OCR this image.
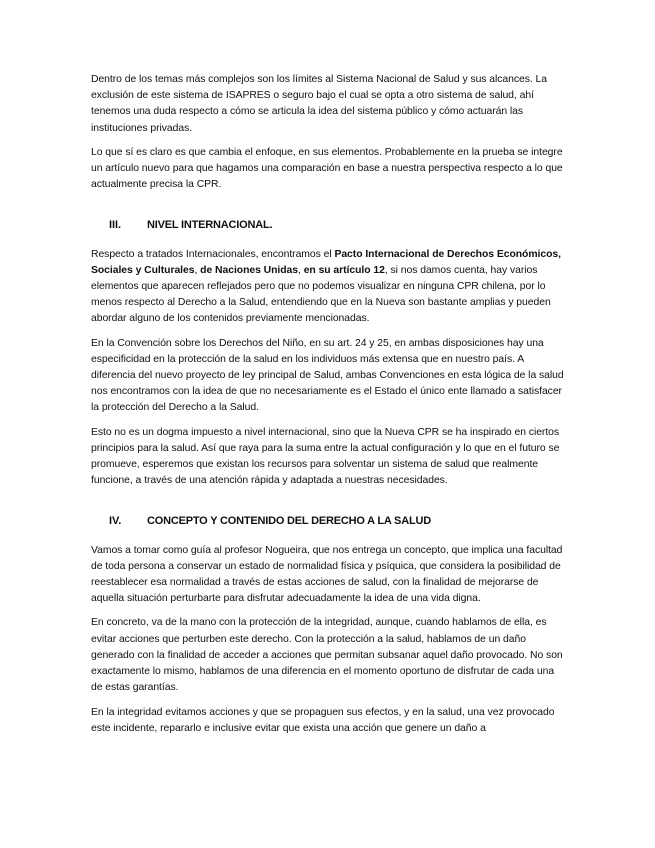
Dentro de los temas más complejos son los límites al Sistema Nacional de Salud y sus alcances. La exclusión de este sistema de ISAPRES o seguro bajo el cual se opta a otro sistema de salud, ahí tenemos una duda respecto a cómo se articula la idea del sistema público y cómo actuarán las instituciones privadas.

Lo que sí es claro es que cambia el enfoque, en sus elementos. Probablemente en la prueba se integre un artículo nuevo para que hagamos una comparación en base a nuestra perspectiva respecto a lo que actualmente precisa la CPR.

III.	NIVEL INTERNACIONAL.

Respecto a tratados Internacionales, encontramos el Pacto Internacional de Derechos Económicos, Sociales y Culturales, de Naciones Unidas, en su artículo 12, si nos damos cuenta, hay varios elementos que aparecen reflejados pero que no podemos visualizar en ninguna CPR chilena, por lo menos respecto al Derecho a la Salud, entendiendo que en la Nueva son bastante amplias y pueden abordar alguno de los contenidos previamente mencionadas.

En la Convención sobre los Derechos del Niño, en su art. 24 y 25, en ambas disposiciones hay una especificidad en la protección de la salud en los individuos más extensa que en nuestro país. A diferencia del nuevo proyecto de ley principal de Salud, ambas Convenciones en esta lógica de la salud nos encontramos con la idea de que no necesariamente es el Estado el único ente llamado a satisfacer la protección del Derecho a la Salud.

Esto no es un dogma impuesto a nivel internacional, sino que la Nueva CPR se ha inspirado en ciertos principios para la salud. Así que raya para la suma entre la actual configuración y lo que en el futuro se promueve, esperemos que existan los recursos para solventar un sistema de salud que realmente funcione, a través de una atención rápida y adaptada a nuestras necesidades.

IV.	CONCEPTO Y CONTENIDO DEL DERECHO A LA SALUD

Vamos a tomar como guía al profesor Nogueira, que nos entrega un concepto, que implica una facultad de toda persona a conservar un estado de normalidad física y psíquica, que considera la posibilidad de reestablecer esa normalidad a través de estas acciones de salud, con la finalidad de mejorarse de aquella situación perturbarte para disfrutar adecuadamente la idea de una vida digna.

En concreto, va de la mano con la protección de la integridad, aunque, cuando hablamos de ella, es evitar acciones que perturben este derecho. Con la protección a la salud, hablamos de un daño generado con la finalidad de acceder a acciones que permitan subsanar aquel daño provocado. No son exactamente lo mismo, hablamos de una diferencia en el momento oportuno de disfrutar de cada una de estas garantías.

En la integridad evitamos acciones y que se propaguen sus efectos, y en la salud, una vez provocado este incidente, repararlo e inclusive evitar que exista una acción que genere un daño a
